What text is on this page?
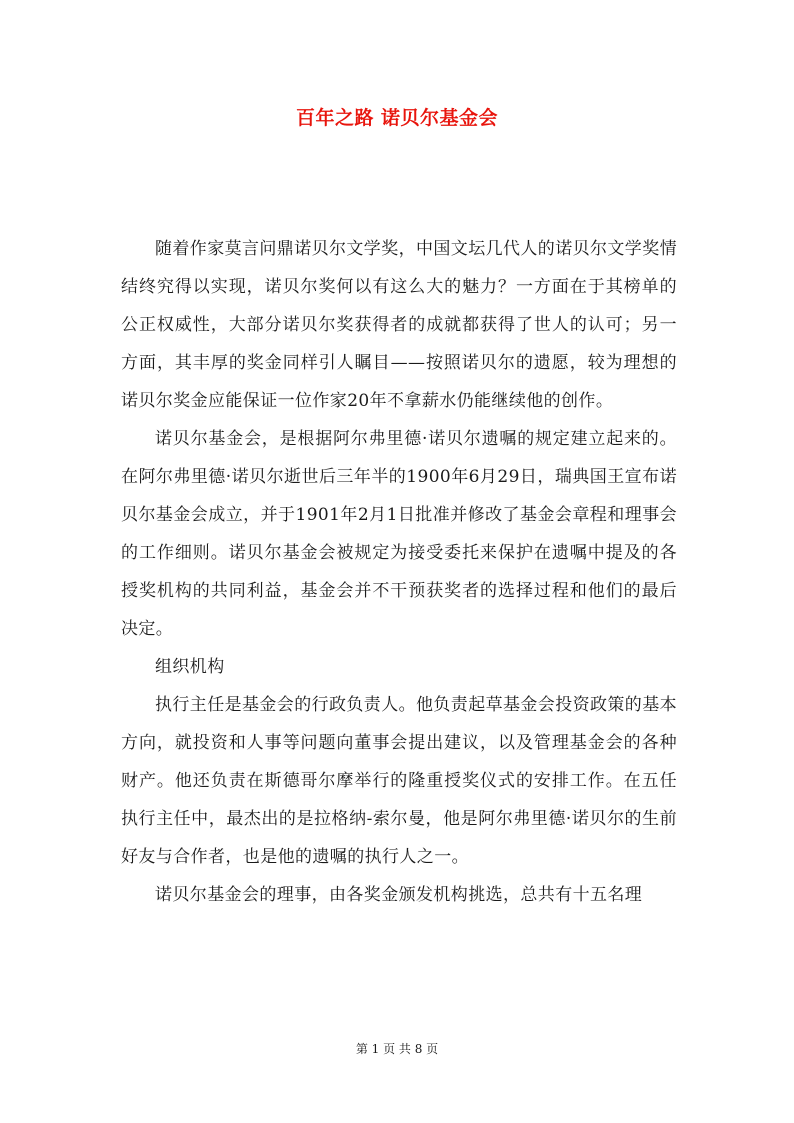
百年之路 诺贝尔基金会

随着作家莫言问鼎诺贝尔文学奖，中国文坛几代人的诺贝尔文学奖情结终究得以实现，诺贝尔奖何以有这么大的魅力？一方面在于其榜单的公正权威性，大部分诺贝尔奖获得者的成就都获得了世人的认可；另一方面，其丰厚的奖金同样引人瞩目——按照诺贝尔的遗愿，较为理想的诺贝尔奖金应能保证一位作家20年不拿薪水仍能继续他的创作。

诺贝尔基金会，是根据阿尔弗里德·诺贝尔遗嘱的规定建立起来的。在阿尔弗里德·诺贝尔逝世后三年半的1900年6月29日，瑞典国王宣布诺贝尔基金会成立，并于1901年2月1日批准并修改了基金会章程和理事会的工作细则。诺贝尔基金会被规定为接受委托来保护在遗嘱中提及的各授奖机构的共同利益，基金会并不干预获奖者的选择过程和他们的最后决定。

组织机构

执行主任是基金会的行政负责人。他负责起草基金会投资政策的基本方向，就投资和人事等问题向董事会提出建议，以及管理基金会的各种财产。他还负责在斯德哥尔摩举行的隆重授奖仪式的安排工作。在五任执行主任中，最杰出的是拉格纳-索尔曼，他是阿尔弗里德·诺贝尔的生前好友与合作者，也是他的遗嘱的执行人之一。

诺贝尔基金会的理事，由各奖金颁发机构挑选，总共有十五名理

第 1 页 共 8 页
